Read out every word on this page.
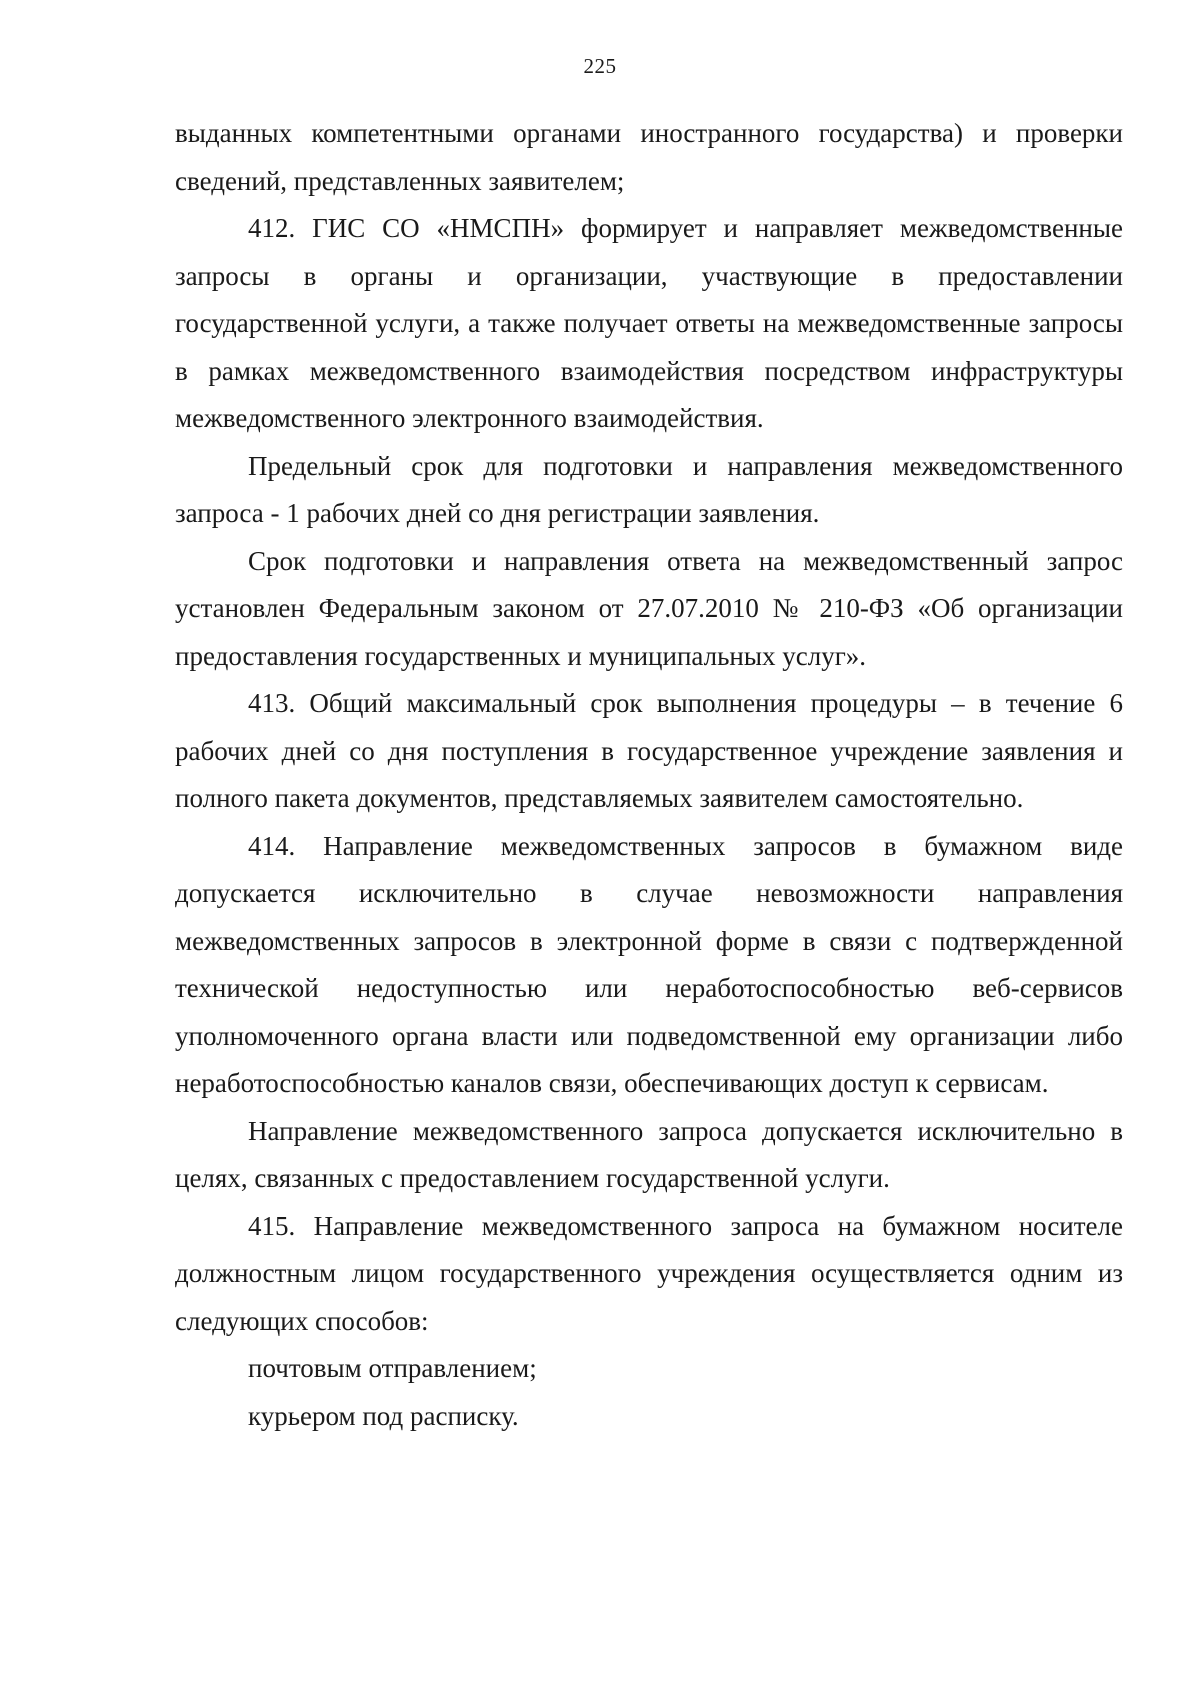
225

выданных компетентными органами иностранного государства) и проверки сведений, представленных заявителем;

412. ГИС СО «НМСПН» формирует и направляет межведомственные запросы в органы и организации, участвующие в предоставлении государственной услуги, а также получает ответы на межведомственные запросы в рамках межведомственного взаимодействия посредством инфраструктуры межведомственного электронного взаимодействия.

Предельный срок для подготовки и направления межведомственного запроса - 1 рабочих дней со дня регистрации заявления.

Срок подготовки и направления ответа на межведомственный запрос установлен Федеральным законом от 27.07.2010 № 210-ФЗ «Об организации предоставления государственных и муниципальных услуг».

413. Общий максимальный срок выполнения процедуры – в течение 6 рабочих дней со дня поступления в государственное учреждение заявления и полного пакета документов, представляемых заявителем самостоятельно.

414. Направление межведомственных запросов в бумажном виде допускается исключительно в случае невозможности направления межведомственных запросов в электронной форме в связи с подтвержденной технической недоступностью или неработоспособностью веб-сервисов уполномоченного органа власти или подведомственной ему организации либо неработоспособностью каналов связи, обеспечивающих доступ к сервисам.

Направление межведомственного запроса допускается исключительно в целях, связанных с предоставлением государственной услуги.

415. Направление межведомственного запроса на бумажном носителе должностным лицом государственного учреждения осуществляется одним из следующих способов:

почтовым отправлением;

курьером под расписку.
